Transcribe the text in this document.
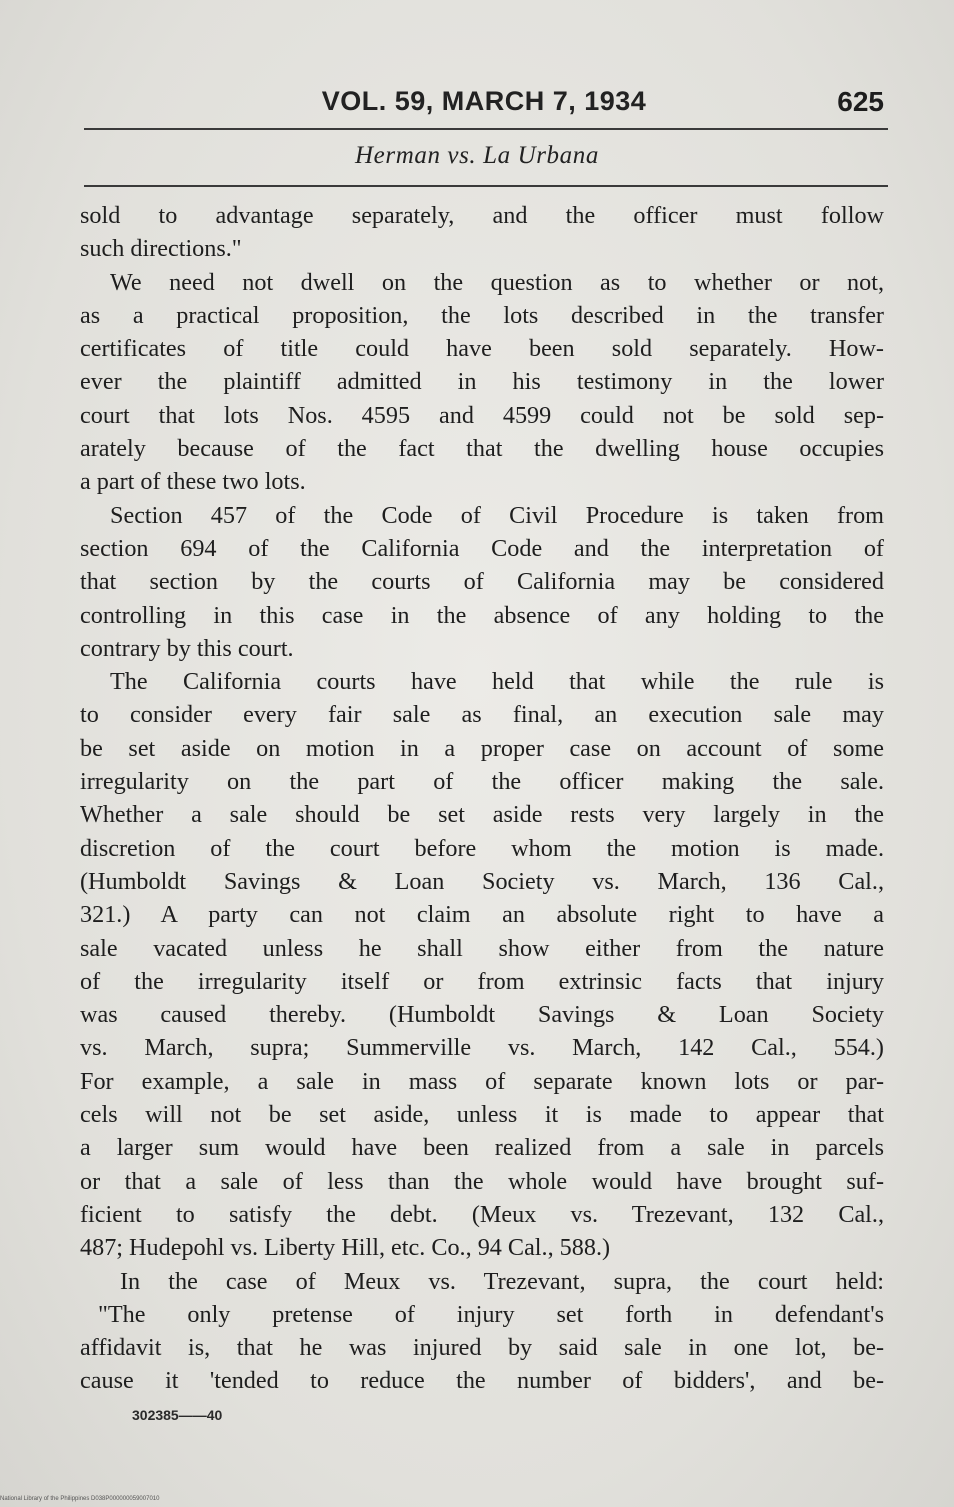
VOL. 59, MARCH 7, 1934	625
Herman vs. La Urbana
sold to advantage separately, and the officer must follow
such directions."
We need not dwell on the question as to whether or not,
as a practical proposition, the lots described in the transfer
certificates of title could have been sold separately. How-
ever the plaintiff admitted in his testimony in the lower
court that lots Nos. 4595 and 4599 could not be sold sep-
arately because of the fact that the dwelling house occupies
a part of these two lots.
Section 457 of the Code of Civil Procedure is taken from
section 694 of the California Code and the interpretation of
that section by the courts of California may be considered
controlling in this case in the absence of any holding to the
contrary by this court.
The California courts have held that while the rule is
to consider every fair sale as final, an execution sale may
be set aside on motion in a proper case on account of some
irregularity on the part of the officer making the sale.
Whether a sale should be set aside rests very largely in the
discretion of the court before whom the motion is made.
(Humboldt Savings & Loan Society vs. March, 136 Cal.,
321.) A party can not claim an absolute right to have a
sale vacated unless he shall show either from the nature
of the irregularity itself or from extrinsic facts that injury
was caused thereby. (Humboldt Savings & Loan Society
vs. March, supra; Summerville vs. March, 142 Cal., 554.)
For example, a sale in mass of separate known lots or par-
cels will not be set aside, unless it is made to appear that
a larger sum would have been realized from a sale in parcels
or that a sale of less than the whole would have brought suf-
ficient to satisfy the debt. (Meux vs. Trezevant, 132 Cal.,
487; Hudepohl vs. Liberty Hill, etc. Co., 94 Cal., 588.)
In the case of Meux vs. Trezevant, supra, the court held:
"The only pretense of injury set forth in defendant's
affidavit is, that he was injured by said sale in one lot, be-
cause it 'tended to reduce the number of bidders', and be-
302385——40
National Library of the Philippines D038P000000059007010
